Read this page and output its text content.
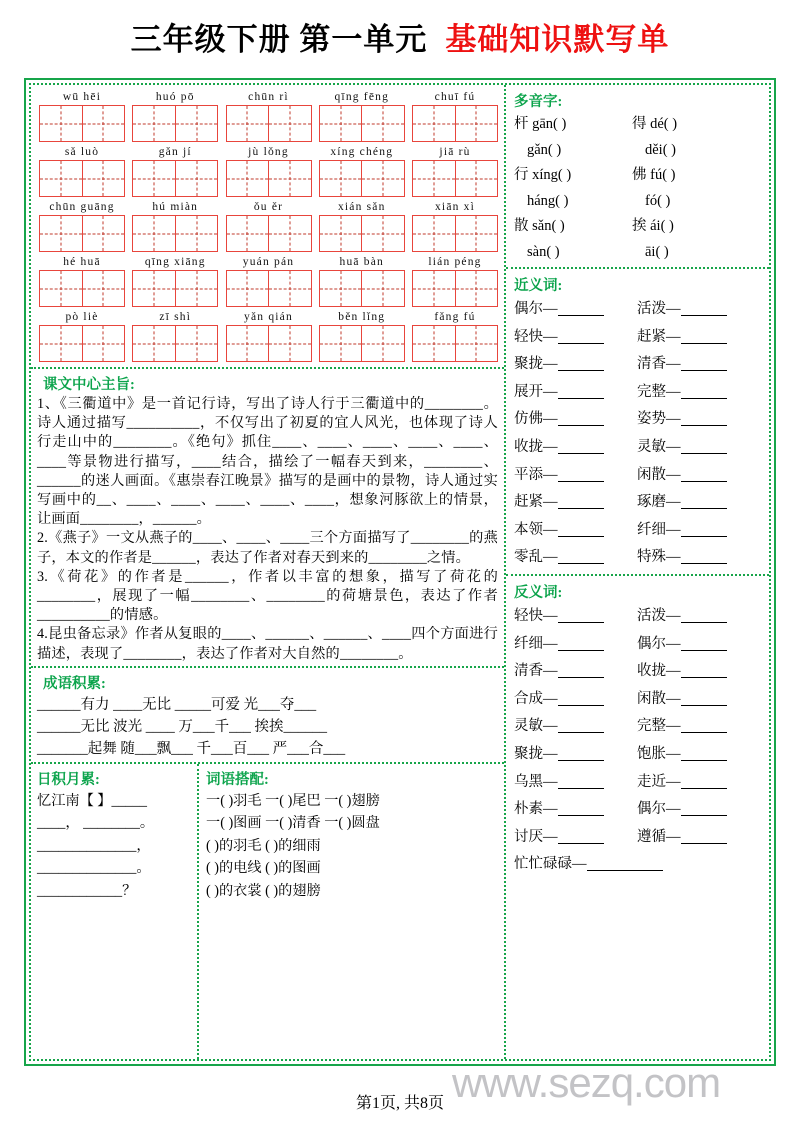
三年级下册 第一单元 基础知识默写单
wū hēi	huó pō	chūn rì	qīng fēng	chuī fú
sǎ luò	gǎn jí	jù lǒng	xíng chéng	jiā rù
chūn guāng	hú miàn	ǒu ěr	xián sǎn	xiān xì
hé huā	qīng xiāng	yuán pán	huā bàn	lián péng
pò liè	zī shì	yǎn qián	běn lǐng	fǎng fú
课文中心主旨:

1、《三衢道中》是一首记行诗，写出了诗人行于三衢道中的________。诗人通过描写__________，不仅写出了初夏的宜人风光，也体现了诗人行走山中的________。《绝句》抓住____、____、____、____、____、____等景物进行描写，____结合，描绘了一幅春天到来，________、______的迷人画面。《惠崇春江晚景》描写的是画中的景物，诗人通过实写画中的__、____、____、____、____、____，想象河豚欲上的情景，让画面________，______。

2.《燕子》一文从燕子的____、____、____三个方面描写了________的燕子，本文的作者是______，表达了作者对春天到来的________之情。

3.《荷花》的作者是______，作者以丰富的想象，描写了荷花的________，展现了一幅________、________的荷塘景色，表达了作者__________的情感。

4.昆虫备忘录》作者从复眼的____、______、______、____四个方面进行描述，表现了________，表达了作者对大自然的________。

成语积累:
______有力 ____无比 _____可爱 光___夺___
______无比 波光 ____ 万___千___ 挨挨______
_______起舞 随___飘___ 千___百___ 严___合___
日积月累:
忆江南【 】_____
____， ________。
______________，
______________。
____________？
词语搭配:
一( )羽毛 一( )尾巴 一( )翅膀
一( )图画 一( )清香 一( )圆盘
( )的羽毛 ( )的细雨
( )的电线 ( )的图画
( )的衣裳 ( )的翅膀
多音字:
杆 gān( )	得 dé( )
gǎn( )	děi( )
行 xíng( )	佛 fú( )
háng( )	fó( )
散 sǎn( )	挨 ái( )
sàn( )	āi( )
近义词:
偶尔—	活泼—
轻快—	赶紧—
聚拢—	清香—
展开—	完整—
仿佛—	姿势—
收拢—	灵敏—
平添—	闲散—
赶紧—	琢磨—
本领—	纤细—
零乱—	特殊—
反义词:
轻快—	活泼—
纤细—	偶尔—
清香—	收拢—
合成—	闲散—
灵敏—	完整—
聚拢—	饱胀—
乌黑—	走近—
朴素—	偶尔—
讨厌—	遵循—
忙忙碌碌—
www.sezq.com
第1页, 共8页
